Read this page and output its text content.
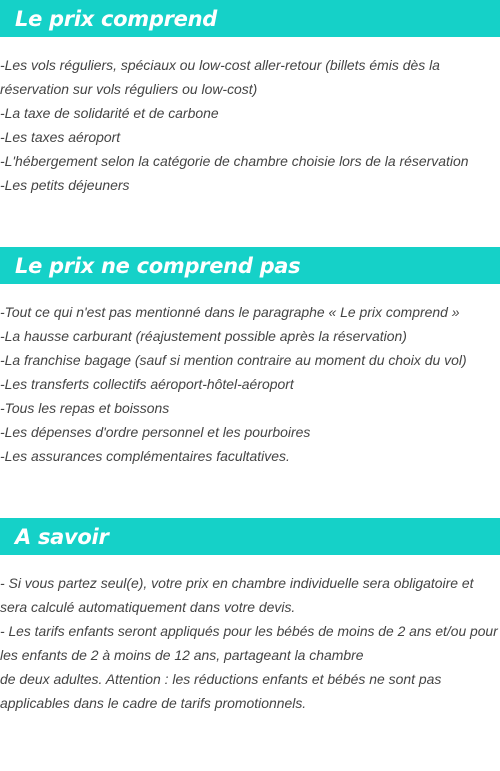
Le prix comprend
-Les vols réguliers, spéciaux ou low-cost aller-retour (billets émis dès la
réservation sur vols réguliers ou low-cost)
-La taxe de solidarité et de carbone
-Les taxes aéroport
-L'hébergement selon la catégorie de chambre choisie lors de la réservation
-Les petits déjeuners
Le prix ne comprend pas
-Tout ce qui n'est pas mentionné dans le paragraphe « Le prix comprend »
-La hausse carburant (réajustement possible après la réservation)
-La franchise bagage (sauf si mention contraire au moment du choix du vol)
-Les transferts collectifs aéroport-hôtel-aéroport
-Tous les repas et boissons
-Les dépenses d'ordre personnel et les pourboires
-Les assurances complémentaires facultatives.
A savoir
- Si vous partez seul(e), votre prix en chambre individuelle sera obligatoire et
sera calculé automatiquement dans votre devis.
- Les tarifs enfants seront appliqués pour les bébés de moins de 2 ans et/ou pour
les enfants de 2 à moins de 12 ans, partageant la chambre
de deux adultes. Attention : les réductions enfants et bébés ne sont pas
applicables dans le cadre de tarifs promotionnels.
